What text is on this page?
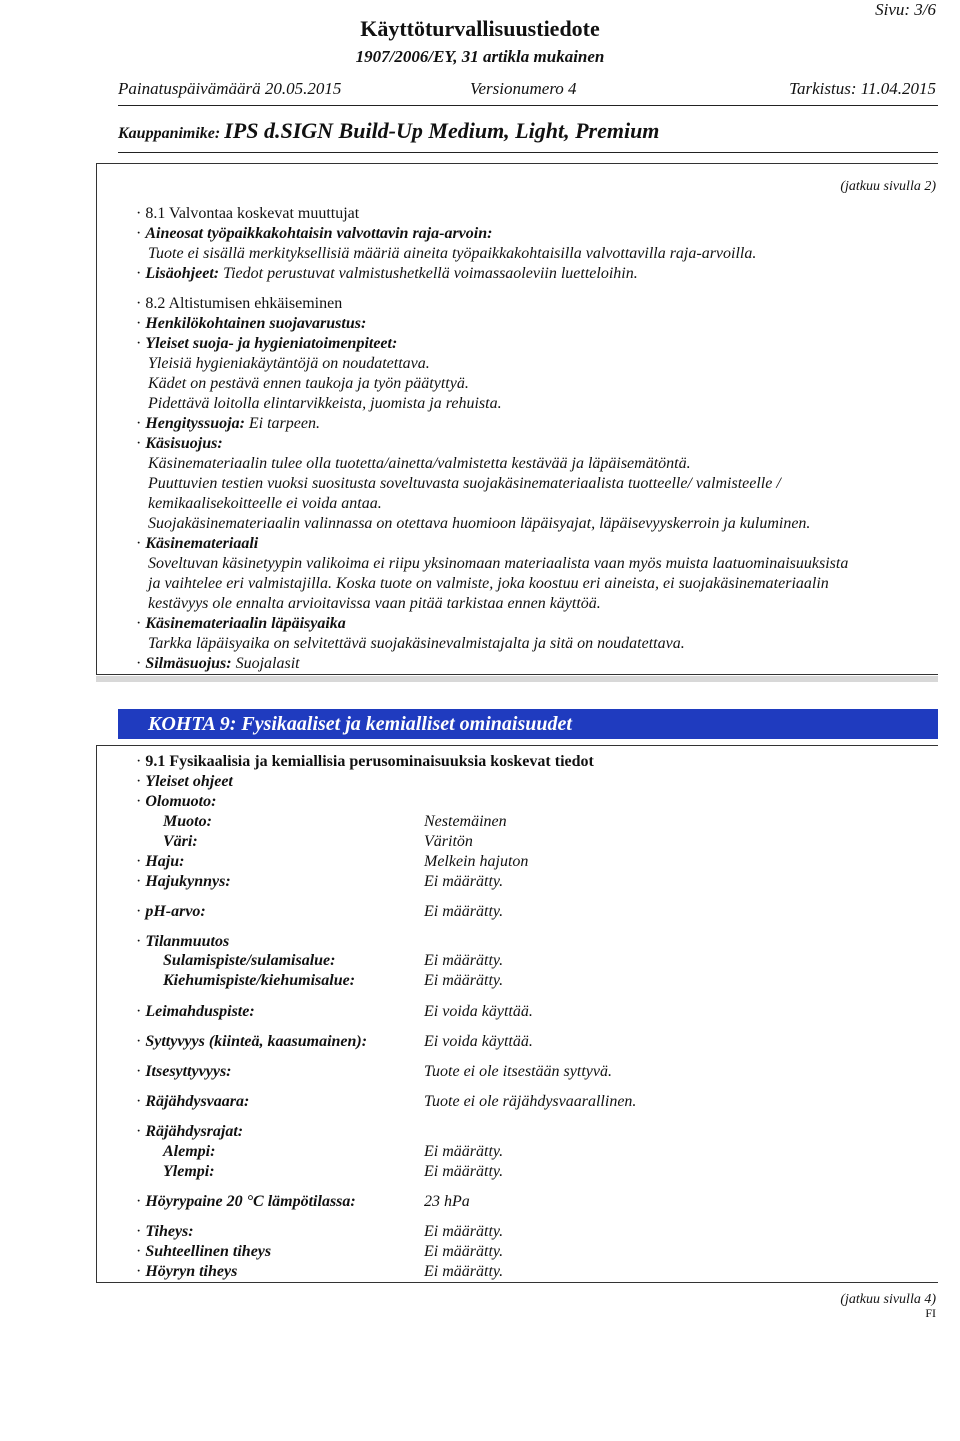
Sivu: 3/6
Käyttöturvallisuustiedote
1907/2006/EY, 31 artikla mukainen
Painatuspäivämäärä 20.05.2015	Versionumero 4	Tarkistus: 11.04.2015
Kauppanimike: IPS d.SIGN Build-Up Medium, Light, Premium
(jatkuu sivulla 2)
· 8.1 Valvontaa koskevat muuttujat
· Aineosat työpaikkakohtaisin valvottavin raja-arvoin:
Tuote ei sisällä merkityksellisiä määriä aineita työpaikkakohtaisilla valvottavilla raja-arvoilla.
· Lisäohjeet: Tiedot perustuvat valmistushetkellä voimassaoleviin luetteloihin.
· 8.2 Altistumisen ehkäiseminen
· Henkilökohtainen suojavarustus:
· Yleiset suoja- ja hygieniatoimenpiteet:
Yleisiä hygieniakäytäntöjä on noudatettava.
Kädet on pestävä ennen taukoja ja työn päätyttyä.
Pidettävä loitolla elintarvikkeista, juomista ja rehuista.
· Hengityssuoja: Ei tarpeen.
· Käsisuojus:
Käsinemateriaalin tulee olla tuotetta/ainetta/valmistetta kestävää ja läpäisemätöntä.
Puuttuvien testien vuoksi suositusta soveltuvasta suojakäsinemateriaalista tuotteelle/ valmisteelle /
kemikaalisekoitteelle ei voida antaa.
Suojakäsinemateriaalin valinnassa on otettava huomioon läpäisyajat, läpäisevyyskerroin ja kuluminen.
· Käsinemateriaali
Soveltuvan käsinetyypin valikoima ei riipu yksinomaan materiaalista vaan myös muista laatuominaisuuksista
ja vaihtelee eri valmistajilla. Koska tuote on valmiste, joka koostuu eri aineista, ei suojakäsinemateriaalin
kestävyys ole ennalta arvioitavissa vaan pitää tarkistaa ennen käyttöä.
· Käsinemateriaalin läpäisyaika
Tarkka läpäisyaika on selvitettävä suojakäsinevalmistajalta ja sitä on noudatettava.
· Silmäsuojus: Suojalasit
KOHTA 9: Fysikaaliset ja kemialliset ominaisuudet
· 9.1 Fysikaalisia ja kemiallisia perusominaisuuksia koskevat tiedot
· Yleiset ohjeet
· Olomuoto:
Muoto:	Nestemäinen
Väri:	Väritön
· Haju:	Melkein hajuton
· Hajukynnys:	Ei määrätty.
· pH-arvo:	Ei määrätty.
· Tilanmuutos
Sulamispiste/sulamisalue:	Ei määrätty.
Kiehumispiste/kiehumisalue:	Ei määrätty.
· Leimahduspiste:	Ei voida käyttää.
· Syttyvyys (kiinteä, kaasumainen):	Ei voida käyttää.
· Itsesyttyvyys:	Tuote ei ole itsestään syttyvä.
· Räjähdysvaara:	Tuote ei ole räjähdysvaarallinen.
· Räjähdysrajat:
Alempi:	Ei määrätty.
Ylempi:	Ei määrätty.
· Höyrypaine 20 °C lämpötilassa:	23 hPa
· Tiheys:	Ei määrätty.
· Suhteellinen tiheys	Ei määrätty.
· Höyryn tiheys	Ei määrätty.
(jatkuu sivulla 4)
FI
